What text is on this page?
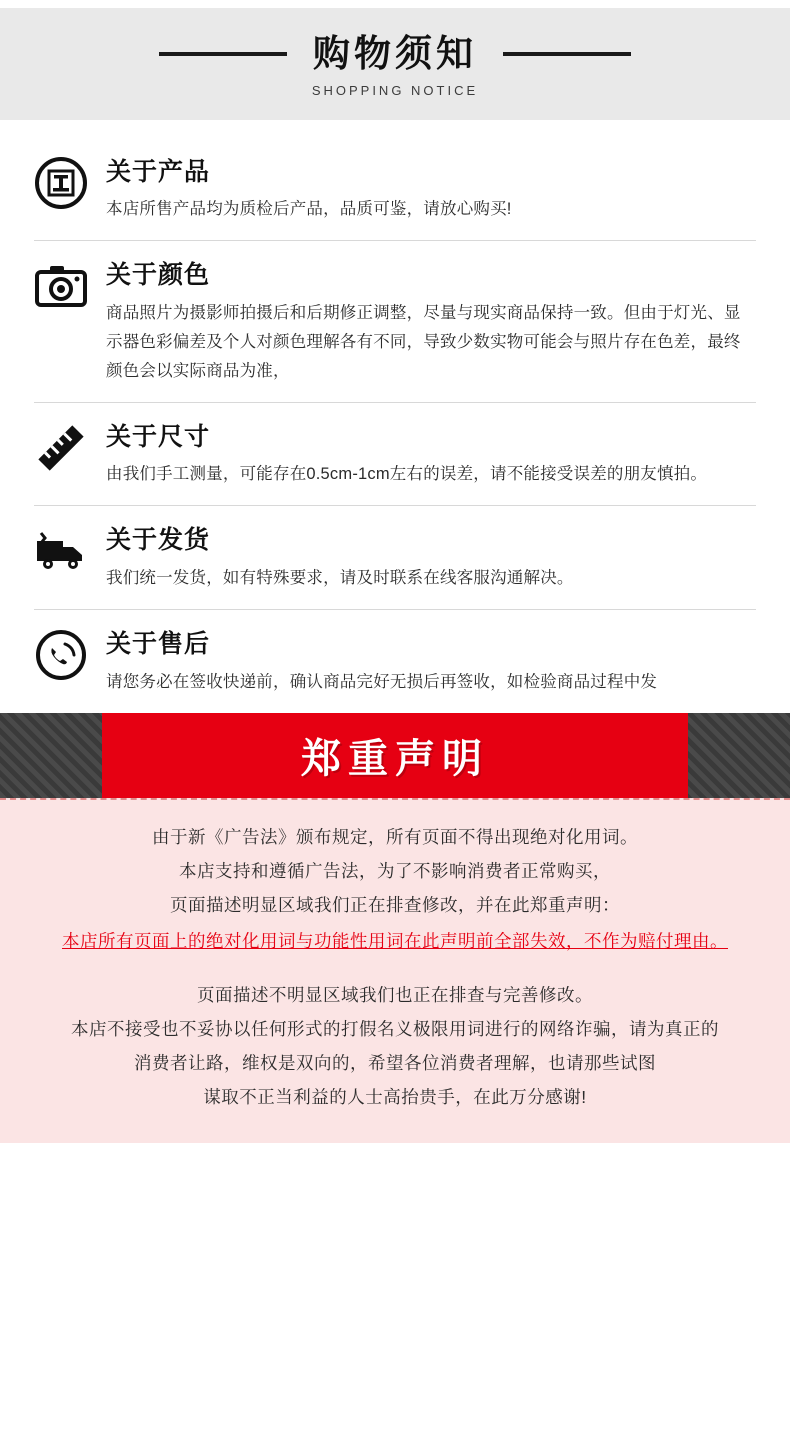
购物须知
SHOPPING NOTICE
关于产品
本店所售产品均为质检后产品，品质可鉴，请放心购买!
关于颜色
商品照片为摄影师拍摄后和后期修正调整，尽量与现实商品保持一致。但由于灯光、显示器色彩偏差及个人对颜色理解各有不同，导致少数实物可能会与照片存在色差，最终颜色会以实际商品为准，
关于尺寸
由我们手工测量，可能存在0.5cm-1cm左右的误差，请不能接受误差的朋友慎拍。
关于发货
我们统一发货，如有特殊要求，请及时联系在线客服沟通解决。
关于售后
请您务必在签收快递前，确认商品完好无损后再签收，如检验商品过程中发
郑重声明
由于新《广告法》颁布规定，所有页面不得出现绝对化用词。
本店支持和遵循广告法，为了不影响消费者正常购买，
页面描述明显区域我们正在排查修改，并在此郑重声明：
本店所有页面上的绝对化用词与功能性用词在此声明前全部失效，不作为赔付理由。
页面描述不明显区域我们也正在排查与完善修改。
本店不接受也不妥协以任何形式的打假名义极限用词进行的网络诈骗，请为真正的
消费者让路，维权是双向的，希望各位消费者理解，也请那些试图
谋取不正当利益的人士高抬贵手，在此万分感谢!
